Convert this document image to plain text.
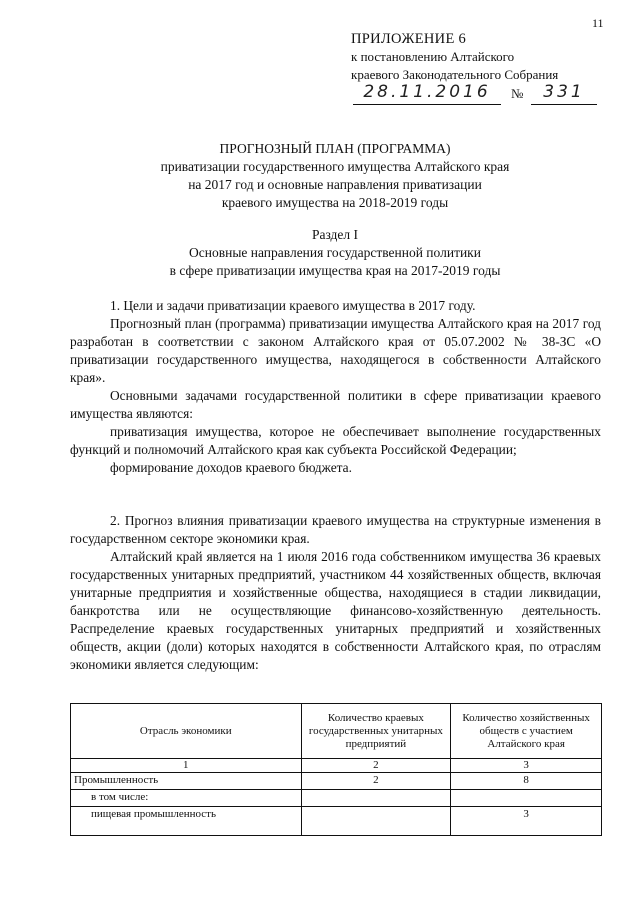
11
ПРИЛОЖЕНИЕ 6
к постановлению Алтайского
краевого Законодательного Собрания
28.11.2016	№	331
ПРОГНОЗНЫЙ ПЛАН (ПРОГРАММА)
приватизации государственного имущества Алтайского края
на 2017 год и основные направления приватизации
краевого имущества на 2018-2019 годы
Раздел I
Основные направления государственной политики
в сфере приватизации имущества края на 2017-2019 годы

1. Цели и задачи приватизации краевого имущества в 2017 году.

Прогнозный план (программа) приватизации имущества Алтайского края на 2017 год разработан в соответствии с законом Алтайского края от 05.07.2002 № 38-ЗС «О приватизации государственного имущества, находящегося в собственности Алтайского края».

Основными задачами государственной политики в сфере приватизации краевого имущества являются:

приватизация имущества, которое не обеспечивает выполнение государственных функций и полномочий Алтайского края как субъекта Российской Федерации;

формирование доходов краевого бюджета.

2. Прогноз влияния приватизации краевого имущества на структурные изменения в государственном секторе экономики края.

Алтайский край является на 1 июля 2016 года собственником имущества 36 краевых государственных унитарных предприятий, участником 44 хозяйственных обществ, включая унитарные предприятия и хозяйственные общества, находящиеся в стадии ликвидации, банкротства или не осуществляющие финансово-хозяйственную деятельность. Распределение краевых государственных унитарных предприятий и хозяйственных обществ, акции (доли) которых находятся в собственности Алтайского края, по отраслям экономики является следующим:

Отрасль экономики	Количество краевых государственных унитарных предприятий	Количество хозяйственных обществ с участием Алтайского края
1	2	3
Промышленность	2	8
в том числе:		
пищевая промышленность		3
